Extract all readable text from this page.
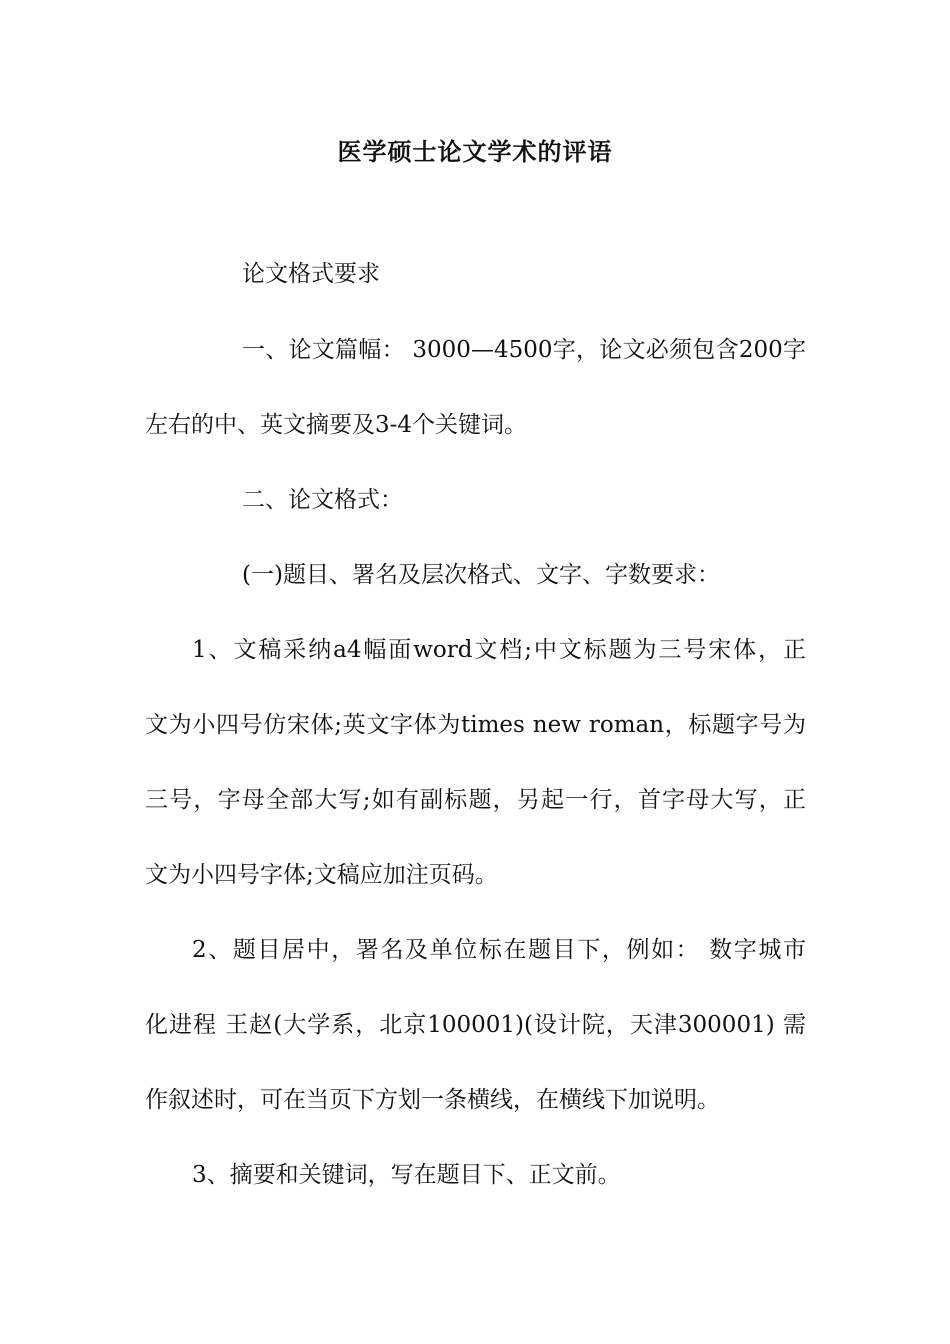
医学硕士论文学术的评语
论文格式要求
一、论文篇幅： 3000—4500字，论文必须包含200字
左右的中、英文摘要及3-4个关键词。
二、论文格式：
(一)题目、署名及层次格式、文字、字数要求：
1、文稿采纳a4幅面word文档;中文标题为三号宋体，正
文为小四号仿宋体;英文字体为times new roman，标题字号为
三号，字母全部大写;如有副标题，另起一行，首字母大写，正
文为小四号字体;文稿应加注页码。
2、题目居中，署名及单位标在题目下，例如： 数字城市
化进程 王赵(大学系，北京100001)(设计院，天津300001) 需
作叙述时，可在当页下方划一条横线，在横线下加说明。
3、摘要和关键词，写在题目下、正文前。
